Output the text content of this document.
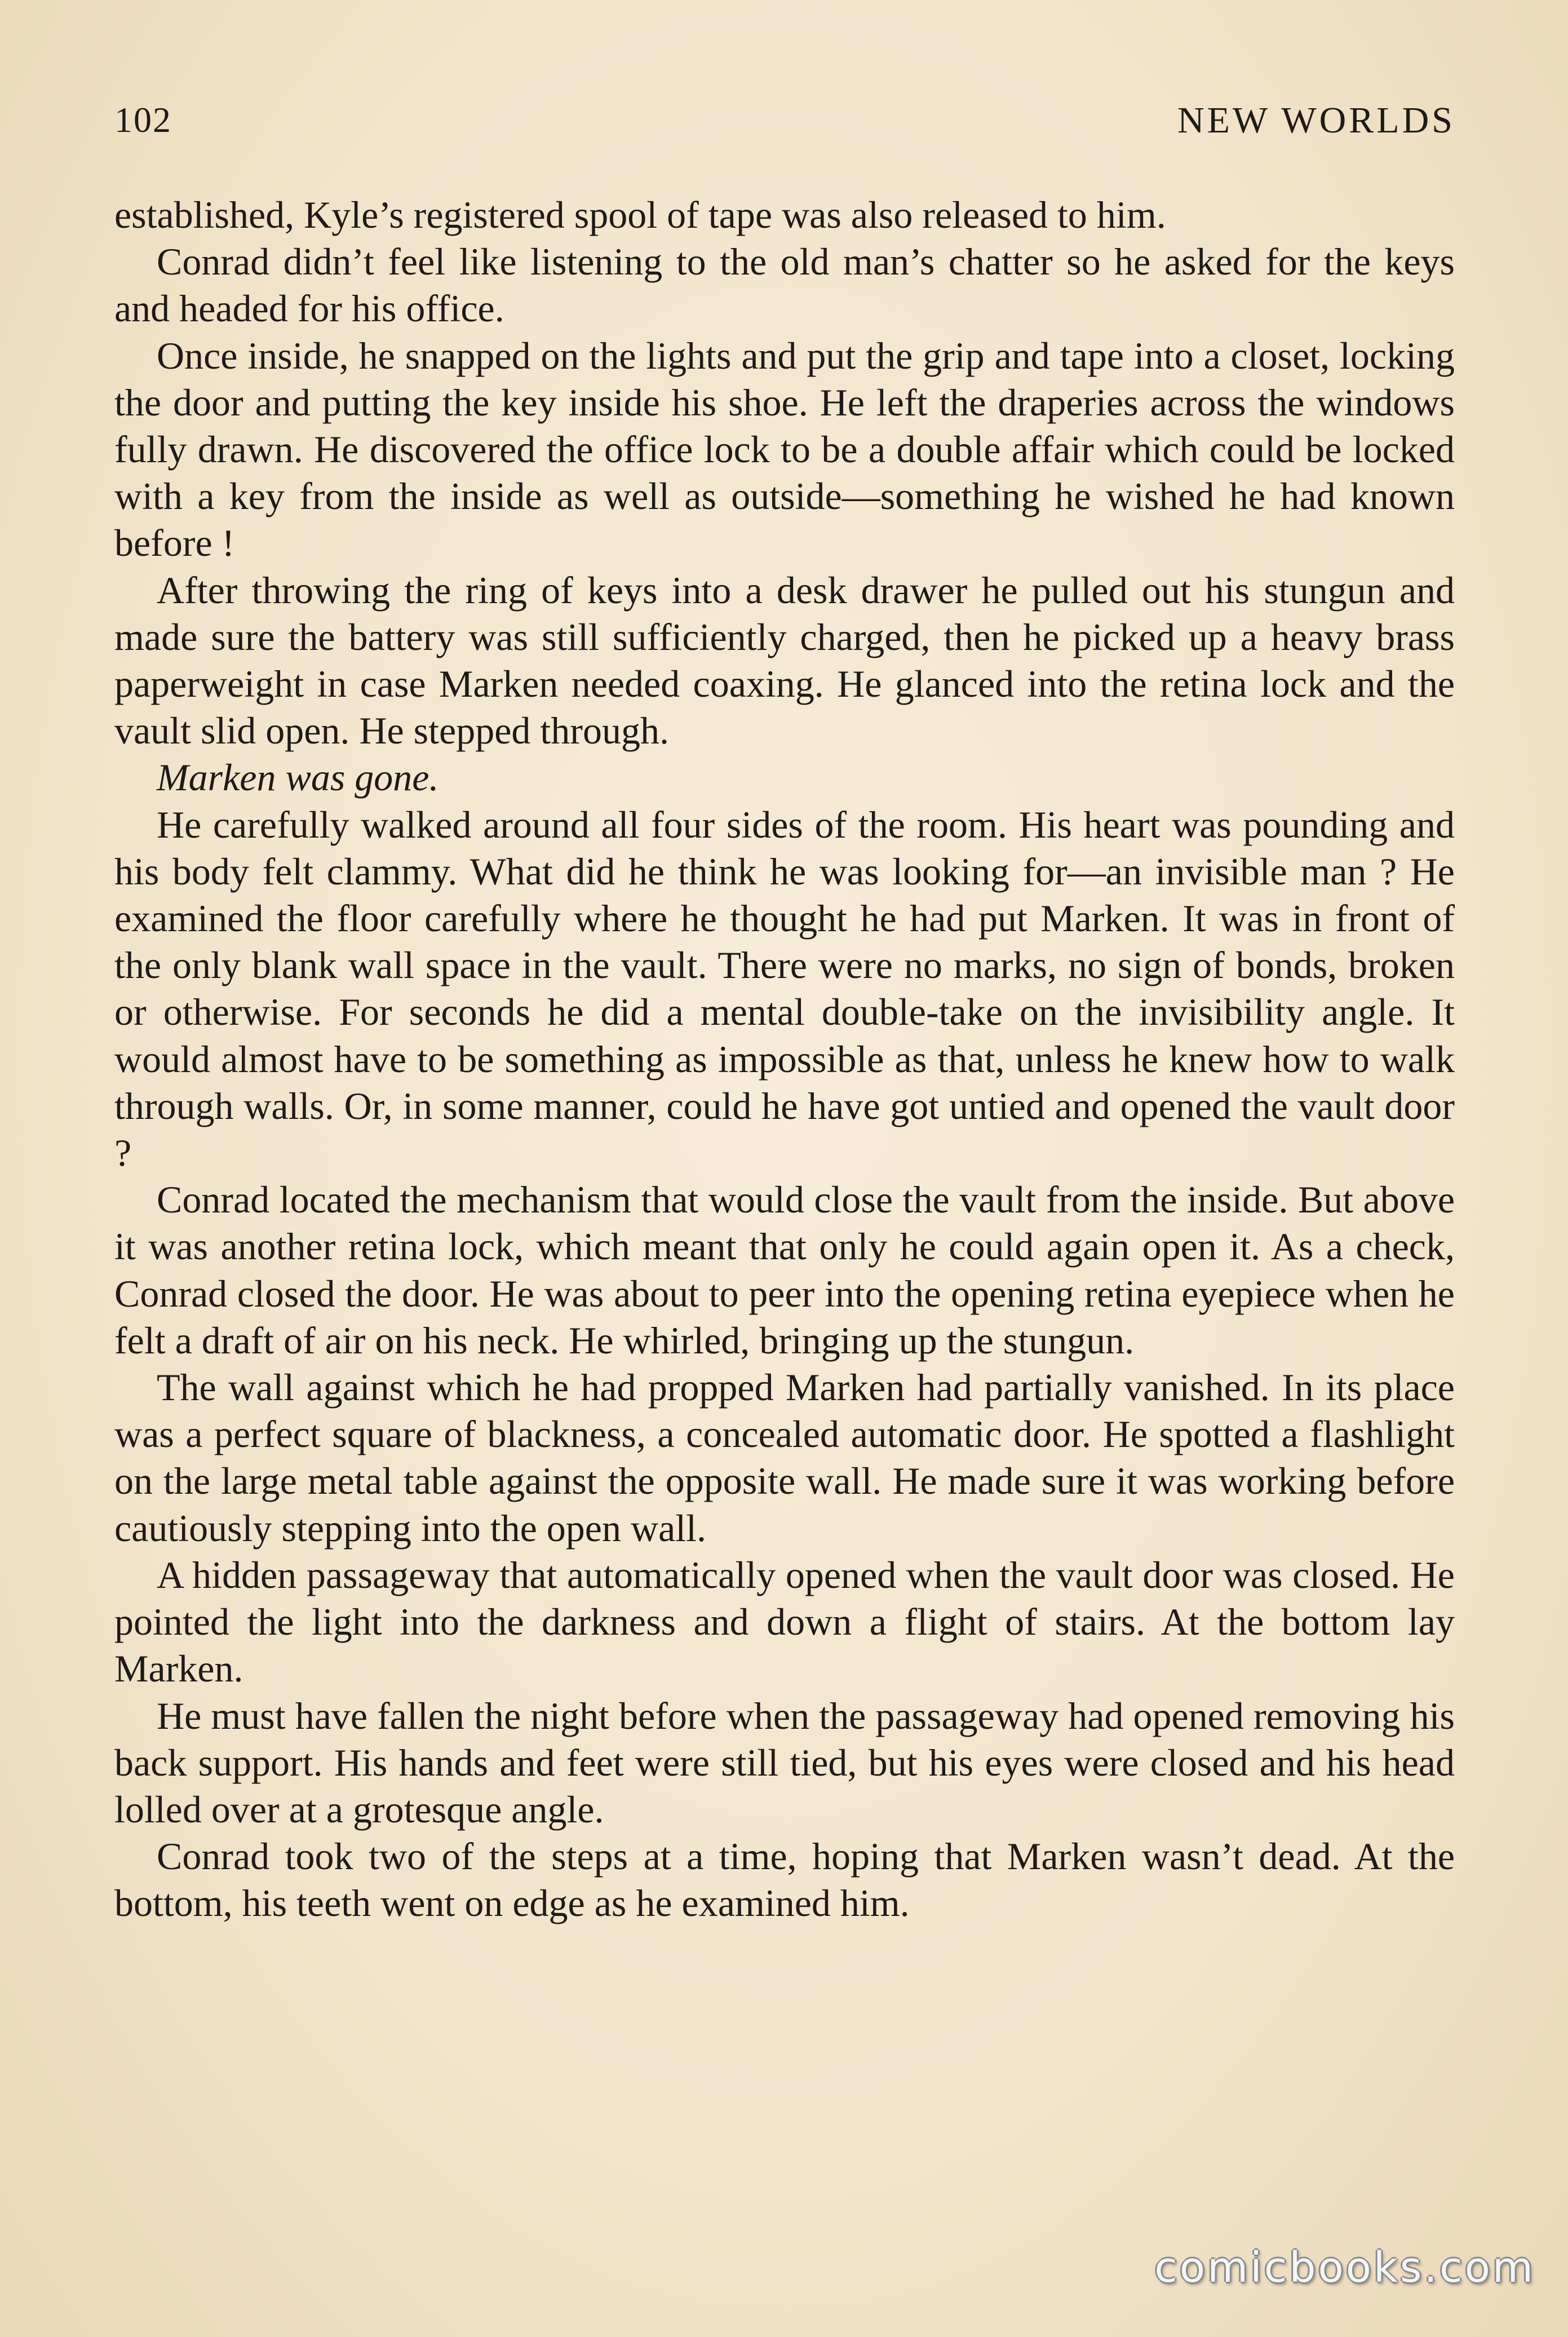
102	NEW WORLDS

established, Kyle’s registered spool of tape was also released to him.

Conrad didn’t feel like listening to the old man’s chatter so he asked for the keys and headed for his office.

Once inside, he snapped on the lights and put the grip and tape into a closet, locking the door and putting the key inside his shoe. He left the draperies across the windows fully drawn. He discovered the office lock to be a double affair which could be locked with a key from the inside as well as outside—something he wished he had known before !

After throwing the ring of keys into a desk drawer he pulled out his stungun and made sure the battery was still sufficiently charged, then he picked up a heavy brass paperweight in case Marken needed coaxing. He glanced into the retina lock and the vault slid open. He stepped through.

Marken was gone.

He carefully walked around all four sides of the room. His heart was pounding and his body felt clammy. What did he think he was looking for—an invisible man ? He examined the floor carefully where he thought he had put Marken. It was in front of the only blank wall space in the vault. There were no marks, no sign of bonds, broken or otherwise. For seconds he did a mental double-take on the invisibility angle. It would almost have to be something as impossible as that, unless he knew how to walk through walls. Or, in some manner, could he have got untied and opened the vault door ?

Conrad located the mechanism that would close the vault from the inside. But above it was another retina lock, which meant that only he could again open it. As a check, Conrad closed the door. He was about to peer into the opening retina eyepiece when he felt a draft of air on his neck. He whirled, bringing up the stungun.

The wall against which he had propped Marken had partially vanished. In its place was a perfect square of blackness, a concealed automatic door. He spotted a flashlight on the large metal table against the opposite wall. He made sure it was working before cautiously stepping into the open wall.

A hidden passageway that automatically opened when the vault door was closed. He pointed the light into the darkness and down a flight of stairs. At the bottom lay Marken.

He must have fallen the night before when the passageway had opened removing his back support. His hands and feet were still tied, but his eyes were closed and his head lolled over at a grotesque angle.

Conrad took two of the steps at a time, hoping that Marken wasn’t dead. At the bottom, his teeth went on edge as he examined him.

comicbooks.com
